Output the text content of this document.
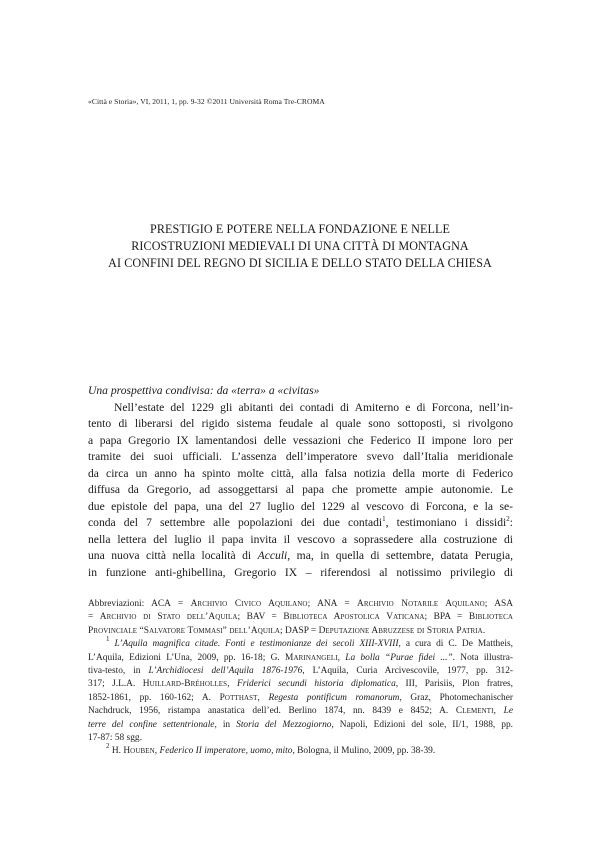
«Città e Storia», VI, 2011, 1, pp. 9-32 ©2011 Università Roma Tre-CROMA
PRESTIGIO E POTERE NELLA FONDAZIONE E NELLE
RICOSTRUZIONI MEDIEVALI DI UNA CITTÀ DI MONTAGNA
AI CONFINI DEL REGNO DI SICILIA E DELLO STATO DELLA CHIESA
Una prospettiva condivisa: da «terra» a «civitas»
Nell’estate del 1229 gli abitanti dei contadi di Amiterno e di Forcona, nell’in-
tento di liberarsi del rigido sistema feudale al quale sono sottoposti, si rivolgono
a papa Gregorio IX lamentandosi delle vessazioni che Federico II impone loro per
tramite dei suoi ufficiali. L’assenza dell’imperatore svevo dall’Italia meridionale
da circa un anno ha spinto molte città, alla falsa notizia della morte di Federico
diffusa da Gregorio, ad assoggettarsi al papa che promette ampie autonomie. Le
due epistole del papa, una del 27 luglio del 1229 al vescovo di Forcona, e la se-
conda del 7 settembre alle popolazioni dei due contadi$^1$, testimoniano i dissidi$^2$:
nella lettera del luglio il papa invita il vescovo a soprassedere alla costruzione di
una nuova città nella località di Acculi, ma, in quella di settembre, datata Perugia,
in funzione anti-ghibellina, Gregorio IX – riferendosi al notissimo privilegio di
Abbreviazioni: ACA = Archivio Civico Aquilano; ANA = Archivio Notarile Aquilano; ASA
= Archivio di Stato dell’Aquila; BAV = Biblioteca Apostolica Vaticana; BPA = Biblioteca
Provinciale “Salvatore Tommasi” dell’Aquila; DASP = Deputazione Abruzzese di Storia Patria.
$^1$ L’Aquila magnifica citade. Fonti e testimonianze dei secoli XIII-XVIII, a cura di C. De Mattheis,
L’Aquila, Edizioni L’Una, 2009, pp. 16-18; G. Marinangeli, La bolla “Purae fidei ...”. Nota illustra-
tiva-testo, in L’Archidiocesi dell’Aquila 1876-1976, L’Aquila, Curia Arcivescovile, 1977, pp. 312-
317; J.L.A. Huillard-Bréholles, Friderici secundi historia diplomatica, III, Parisiis, Plon fratres,
1852-1861, pp. 160-162; A. Potthast, Regesta pontificum romanorum, Graz, Photomechanischer
Nachdruck, 1956, ristampa anastatica dell’ed. Berlino 1874, nn. 8439 e 8452; A. Clementi, Le
terre del confine settentrionale, in Storia del Mezzogiorno, Napoli, Edizioni del sole, II/1, 1988, pp.
17-87: 58 sgg.
$^2$ H. Houben, Federico II imperatore, uomo, mito, Bologna, il Mulino, 2009, pp. 38-39.
